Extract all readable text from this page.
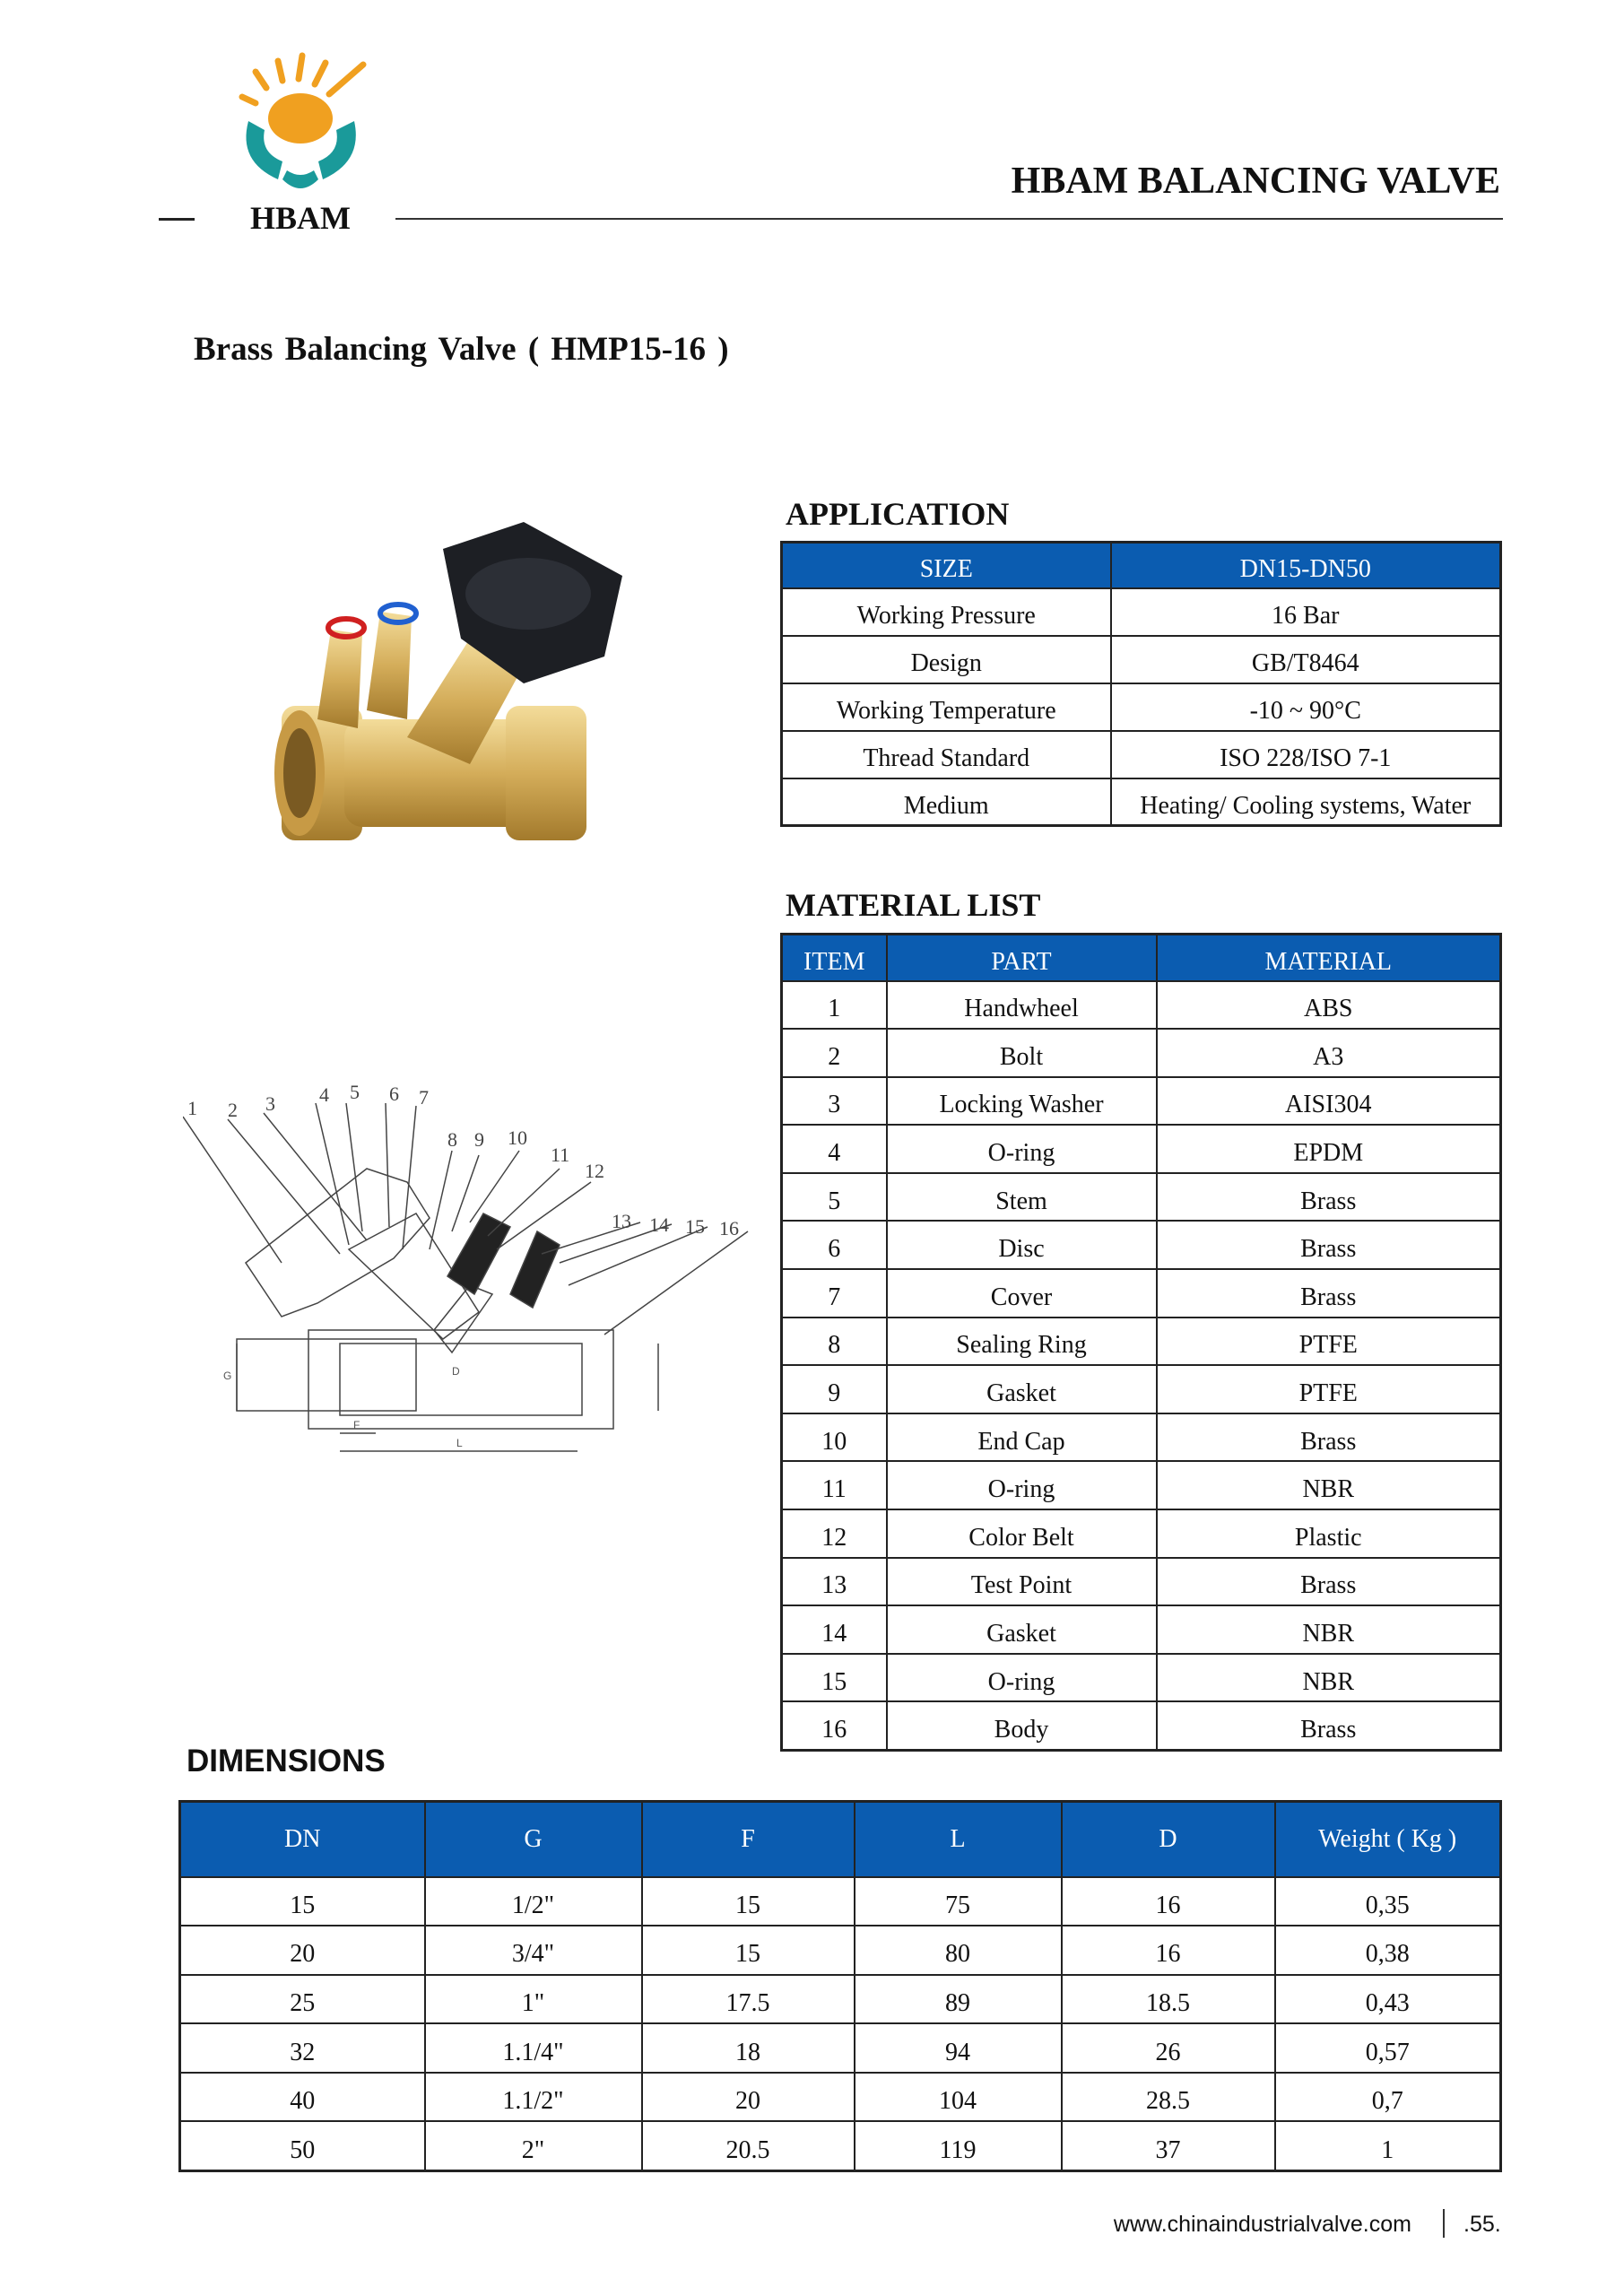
HBAM
HBAM BALANCING VALVE
Brass Balancing Valve ( HMP15-16 )
1 2 3 4 5 6 7
8 9 10
11
12
13 14 15 16
G
F
L
D
APPLICATION
SIZE	DN15-DN50
Working Pressure	16 Bar
Design	GB/T8464
Working Temperature	-10 ~ 90°C
Thread Standard	ISO 228/ISO 7-1
Medium	Heating/ Cooling systems, Water
MATERIAL LIST
ITEM	PART	MATERIAL
1	Handwheel	ABS
2	Bolt	A3
3	Locking Washer	AISI304
4	O-ring	EPDM
5	Stem	Brass
6	Disc	Brass
7	Cover	Brass
8	Sealing Ring	PTFE
9	Gasket	PTFE
10	End Cap	Brass
11	O-ring	NBR
12	Color Belt	Plastic
13	Test Point	Brass
14	Gasket	NBR
15	O-ring	NBR
16	Body	Brass
DIMENSIONS
DN	G	F	L	D	Weight ( Kg )
15	1/2"	15	75	16	0,35
20	3/4"	15	80	16	0,38
25	1"	17.5	89	18.5	0,43
32	1.1/4"	18	94	26	0,57
40	1.1/2"	20	104	28.5	0,7
50	2"	20.5	119	37	1
www.chinaindustrialvalve.com .55.
